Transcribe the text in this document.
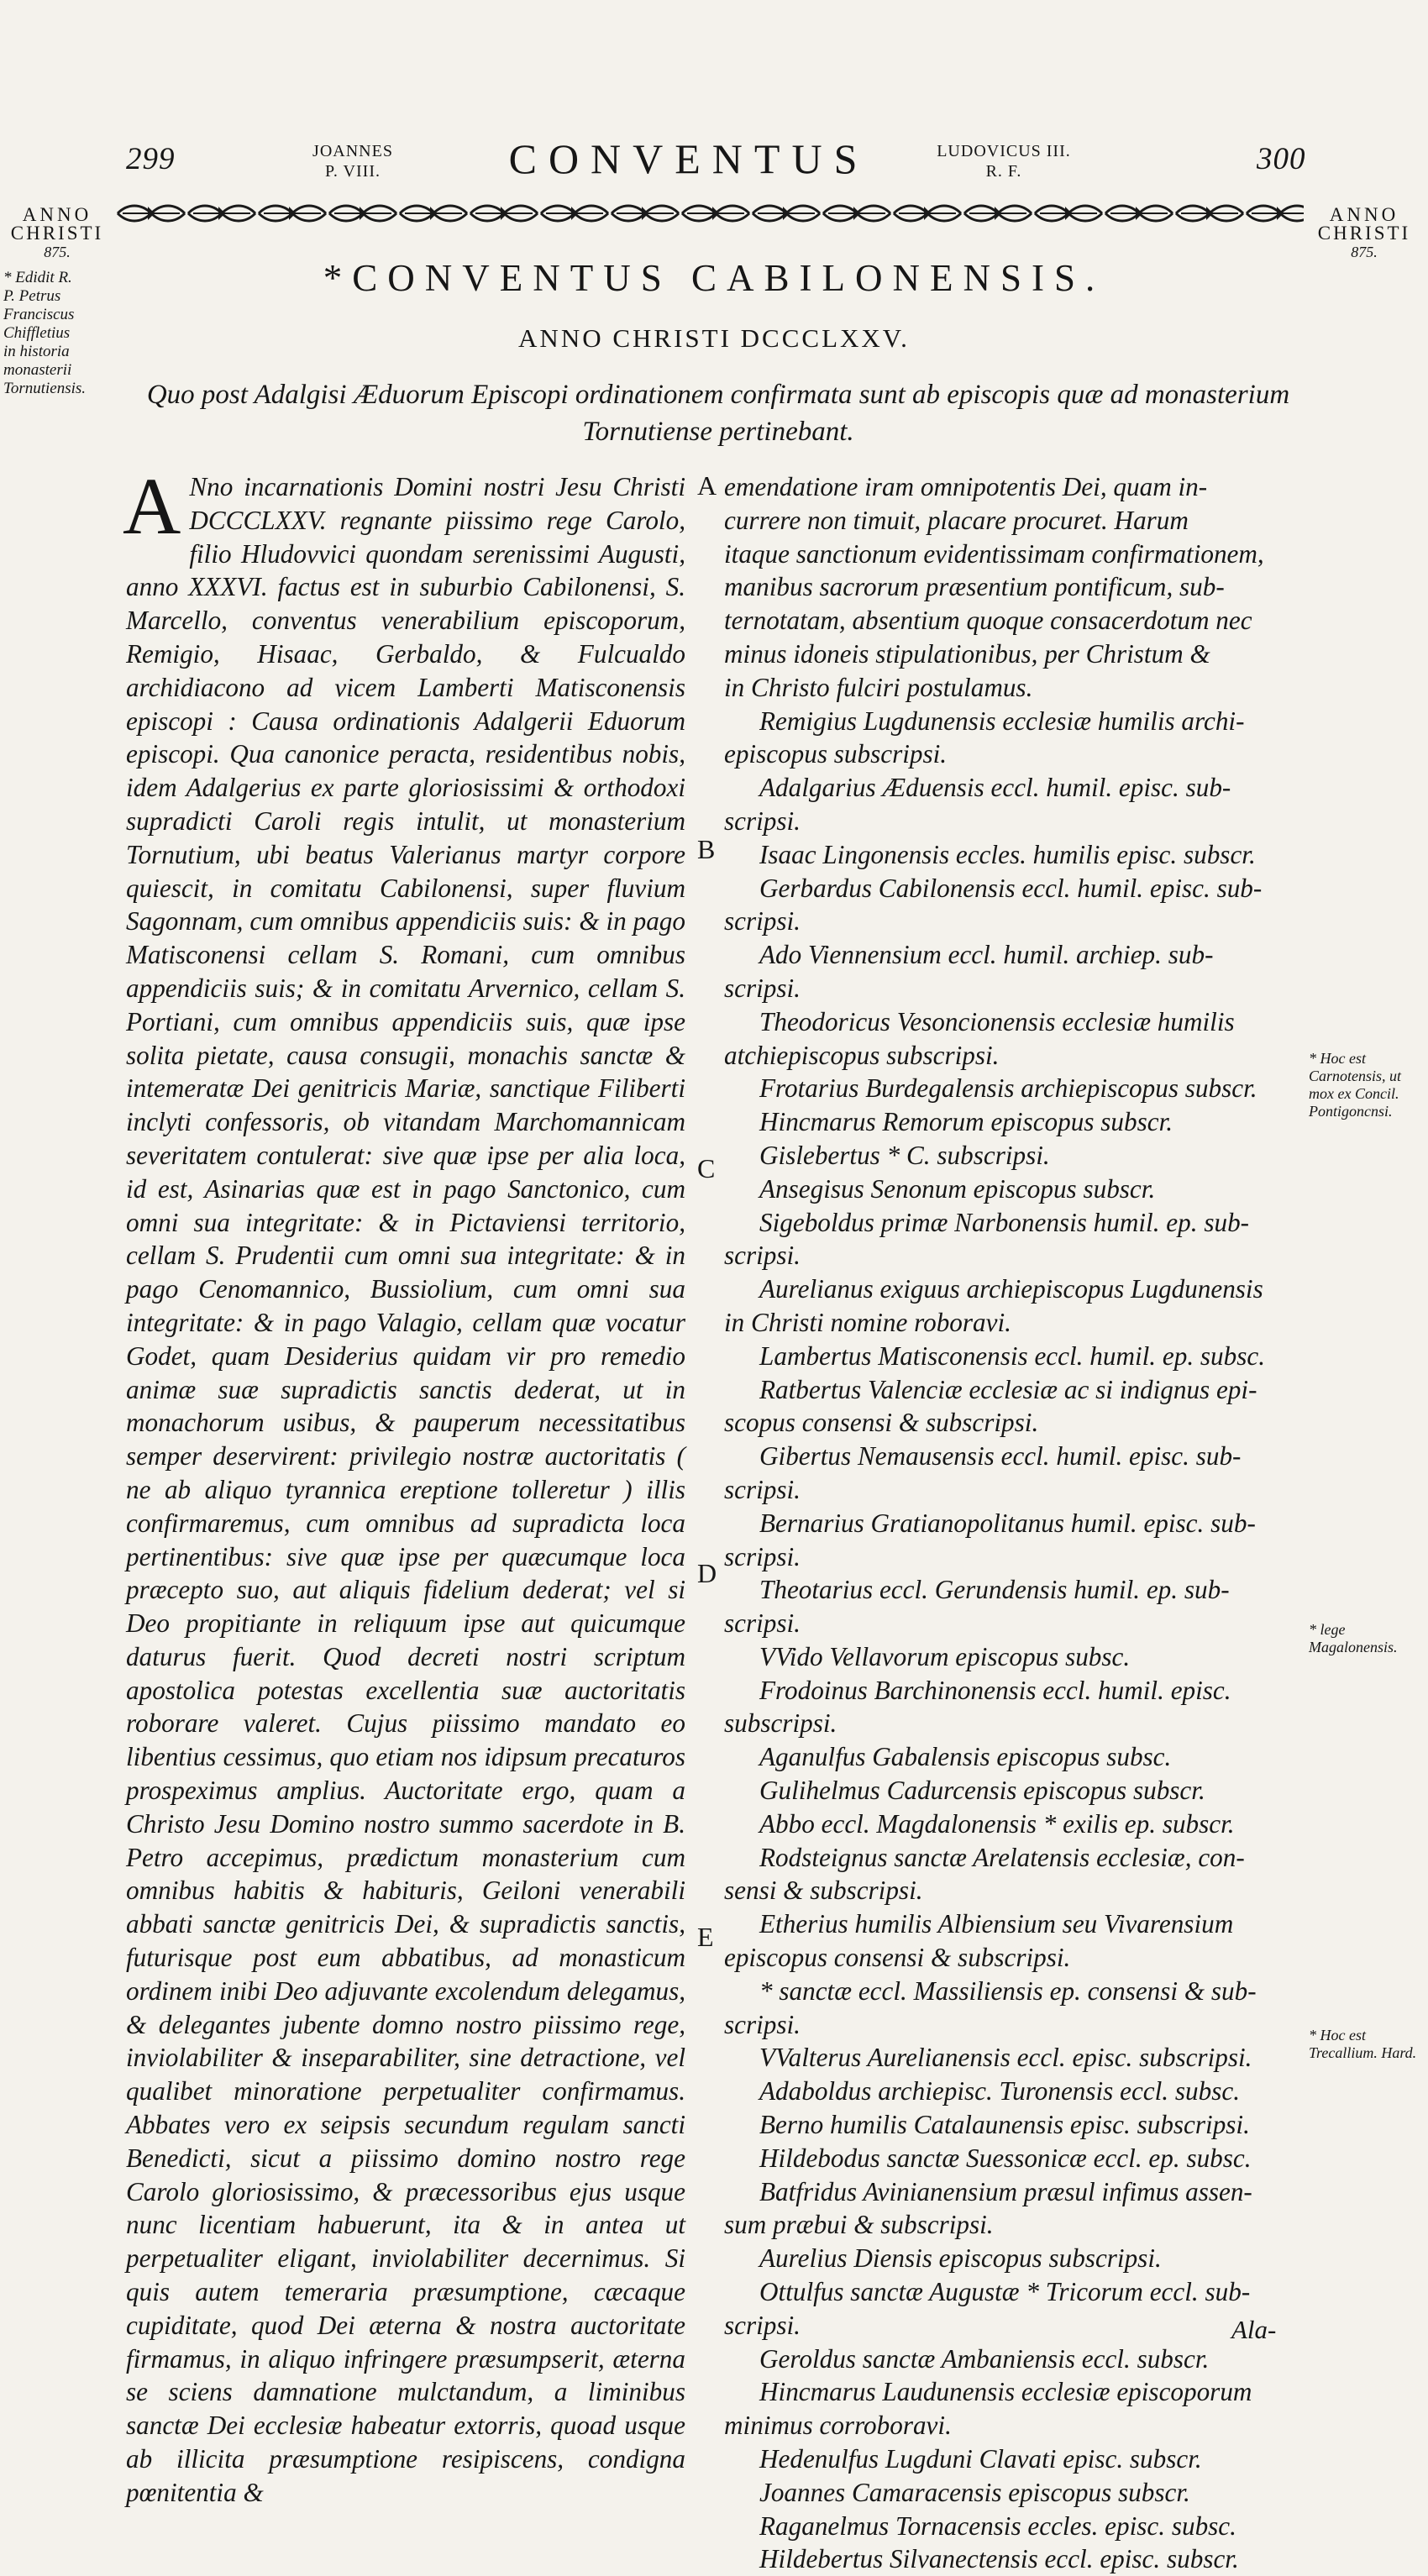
299	JOANNES
P. VIII.	CONVENTUS	LUDOVICUS III.
R. F.	300
ANNO
CHRISTI
875.
ANNO
CHRISTI
875.
* Edidit R.
P. Petrus
Franciscus
Chiffletius
in historia
monasterii
Tornutiensis.
*CONVENTUS CABILONENSIS.
ANNO CHRISTI DCCCLXXV.
Quo post Adalgisi Æduorum Episcopi ordinationem confirmata sunt ab episcopis quæ ad monasterium Tornutiense pertinebant.
A Nno incarnationis Domini nostri Jesu Christi DCCCLXXV. regnante piissimo rege Carolo, filio Hludovvici quondam serenissimi Augusti, anno XXXVI. factus est in suburbio Cabilonensi, S. Marcello, conventus venerabilium episcoporum, Remigio, Hisaac, Gerbaldo, & Fulcualdo archidiacono ad vicem Lamberti Matisconensis episcopi : Causa ordinationis Adalgerii Eduorum episcopi. Qua canonice peracta, residentibus nobis, idem Adalgerius ex parte gloriosissimi & orthodoxi supradicti Caroli regis intulit, ut monasterium Tornutium, ubi beatus Valerianus martyr corpore quiescit, in comitatu Cabilonensi, super fluvium Sagonnam, cum omnibus appendiciis suis: & in pago Matisconensi cellam S. Romani, cum omnibus appendiciis suis; & in comitatu Arvernico, cellam S. Portiani, cum omnibus appendiciis suis, quæ ipse solita pietate, causa consugii, monachis sanctæ & intemeratæ Dei genitricis Mariæ, sanctique Filiberti inclyti confessoris, ob vitandam Marchomannicam severitatem contulerat: sive quæ ipse per alia loca, id est, Asinarias quæ est in pago Sanctonico, cum omni sua integritate: & in Pictaviensi territorio, cellam S. Prudentii cum omni sua integritate: & in pago Cenomannico, Bussiolium, cum omni sua integritate: & in pago Valagio, cellam quæ vocatur Godet, quam Desiderius quidam vir pro remedio animæ suæ supradictis sanctis dederat, ut in monachorum usibus, & pauperum necessitatibus semper deservirent: privilegio nostræ auctoritatis ( ne ab aliquo tyrannica ereptione tolleretur ) illis confirmaremus, cum omnibus ad supradicta loca pertinentibus: sive quæ ipse per quæcumque loca præcepto suo, aut aliquis fidelium dederat; vel si Deo propitiante in reliquum ipse aut quicumque daturus fuerit. Quod decreti nostri scriptum apostolica potestas excellentia suæ auctoritatis roborare valeret. Cujus piissimo mandato eo libentius cessimus, quo etiam nos idipsum precaturos prospeximus amplius. Auctoritate ergo, quam a Christo Jesu Domino nostro summo sacerdote in B. Petro accepimus, prædictum monasterium cum omnibus habitis & habituris, Geiloni venerabili abbati sanctæ genitricis Dei, & supradictis sanctis, futurisque post eum abbatibus, ad monasticum ordinem inibi Deo adjuvante excolendum delegamus, & delegantes jubente domno nostro piissimo rege, inviolabiliter & inseparabiliter, sine detractione, vel qualibet minoratione perpetualiter confirmamus. Abbates vero ex seipsis secundum regulam sancti Benedicti, sicut a piissimo domino nostro rege Carolo gloriosissimo, & præcessoribus ejus usque nunc licentiam habuerunt, ita & in antea ut perpetualiter eligant, inviolabiliter decernimus. Si quis autem temeraria præsumptione, cæcaque cupiditate, quod Dei æterna & nostra auctoritate firmamus, in aliquo infringere præsumpserit, æterna se sciens damnatione mulctandum, a liminibus sanctæ Dei ecclesiæ habeatur extorris, quoad usque ab illicita præsumptione resipiscens, condigna pœnitentia &
A
B
C
D
E
emendatione iram omnipotentis Dei, quam in-
currere non timuit, placare procuret. Harum
itaque sanctionum evidentissimam confirmationem,
manibus sacrorum præsentium pontificum, sub-
ternotatam, absentium quoque consacerdotum nec
minus idoneis stipulationibus, per Christum &
in Christo fulciri postulamus.
Remigius Lugdunensis ecclesiæ humilis archi-
episcopus subscripsi.
Adalgarius Æduensis eccl. humil. episc. sub-
scripsi.
Isaac Lingonensis eccles. humilis episc. subscr.
Gerbardus Cabilonensis eccl. humil. episc. sub-
scripsi.
Ado Viennensium eccl. humil. archiep. sub-
scripsi.
Theodoricus Vesoncionensis ecclesiæ humilis
atchiepiscopus subscripsi.
Frotarius Burdegalensis archiepiscopus subscr.
Hincmarus Remorum episcopus subscr.
Gislebertus * C. subscripsi.
Ansegisus Senonum episcopus subscr.
Sigeboldus primæ Narbonensis humil. ep. sub-
scripsi.
Aurelianus exiguus archiepiscopus Lugdunensis
in Christi nomine roboravi.
Lambertus Matisconensis eccl. humil. ep. subsc.
Ratbertus Valenciæ ecclesiæ ac si indignus epi-
scopus consensi & subscripsi.
Gibertus Nemausensis eccl. humil. episc. sub-
scripsi.
Bernarius Gratianopolitanus humil. episc. sub-
scripsi.
Theotarius eccl. Gerundensis humil. ep. sub-
scripsi.
VVido Vellavorum episcopus subsc.
Frodoinus Barchinonensis eccl. humil. episc.
subscripsi.
Aganulfus Gabalensis episcopus subsc.
Gulihelmus Cadurcensis episcopus subscr.
Abbo eccl. Magdalonensis * exilis ep. subscr.
Rodsteignus sanctæ Arelatensis ecclesiæ, con-
sensi & subscripsi.
Etherius humilis Albiensium seu Vivarensium
episcopus consensi & subscripsi.
* sanctæ eccl. Massiliensis ep. consensi & sub-
scripsi.
VValterus Aurelianensis eccl. episc. subscripsi.
Adaboldus archiepisc. Turonensis eccl. subsc.
Berno humilis Catalaunensis episc. subscripsi.
Hildebodus sanctæ Suessonicæ eccl. ep. subsc.
Batfridus Avinianensium præsul infimus assen-
sum præbui & subscripsi.
Aurelius Diensis episcopus subscripsi.
Ottulfus sanctæ Augustæ * Tricorum eccl. sub-
scripsi.
Geroldus sanctæ Ambaniensis eccl. subscr.
Hincmarus Laudunensis ecclesiæ episcoporum
minimus corroboravi.
Hedenulfus Lugduni Clavati episc. subscr.
Joannes Camaracensis episcopus subscr.
Raganelmus Tornacensis eccles. episc. subsc.
Hildebertus Silvanectensis eccl. episc. subscr.
* Hoc est Carnotensis, ut mox ex Concil. Pontigoncnsi.
* lege Magalonensis.
* Hoc est Trecallium. Hard.
Ala-
